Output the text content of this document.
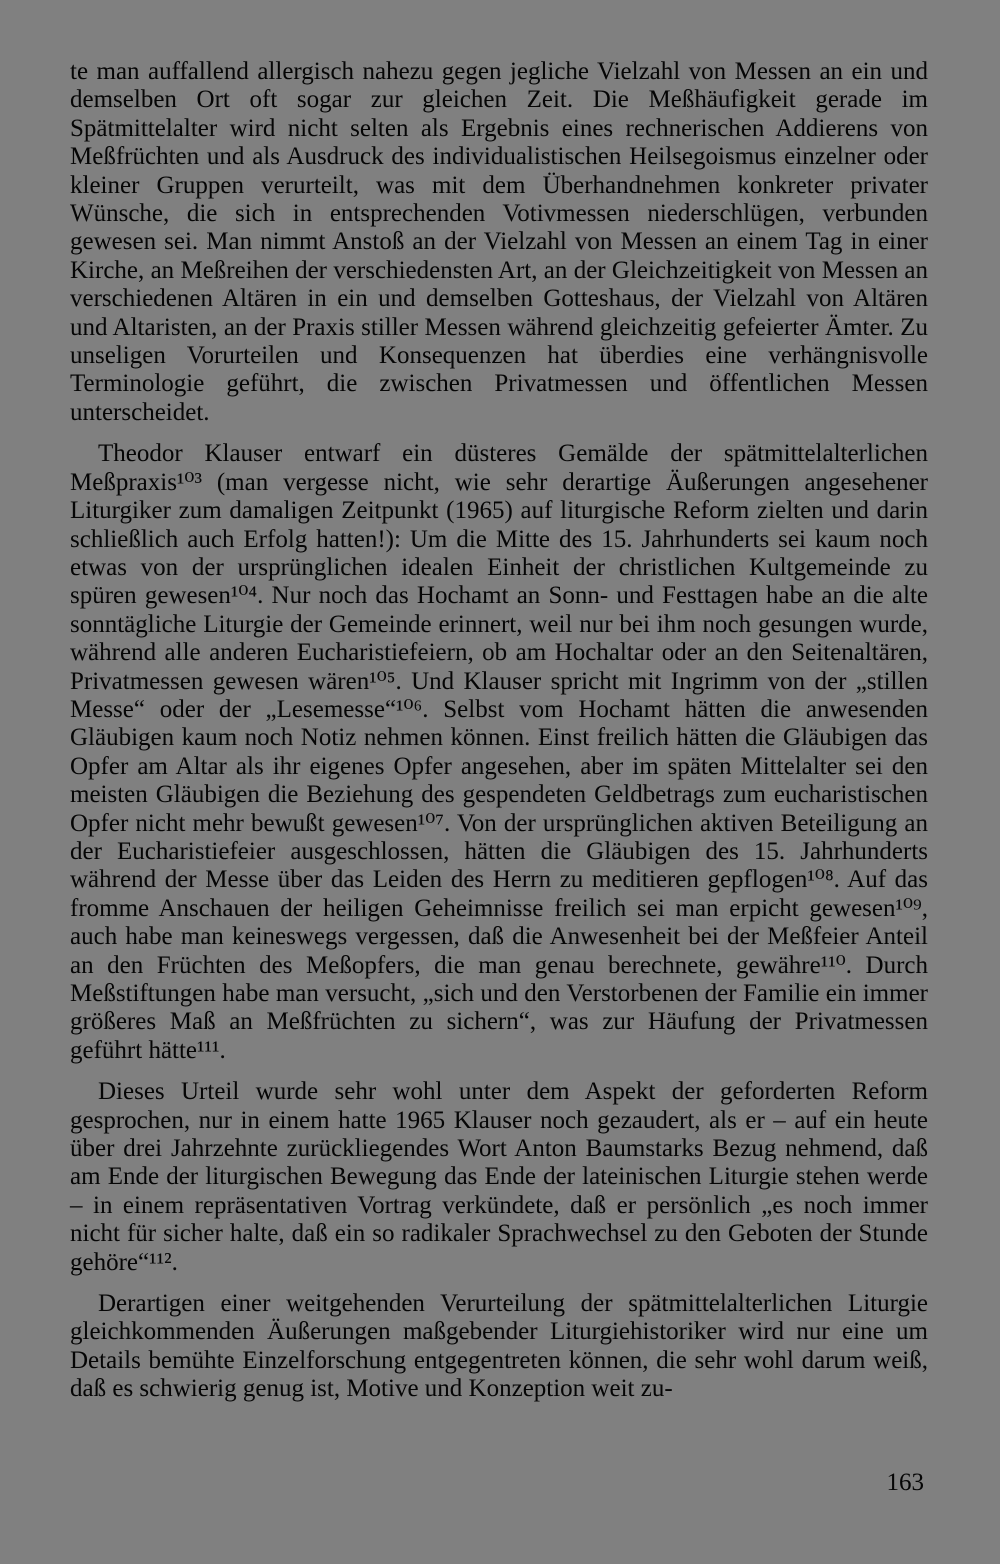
te man auffallend allergisch nahezu gegen jegliche Vielzahl von Messen an ein und demselben Ort oft sogar zur gleichen Zeit. Die Meßhäufigkeit gerade im Spätmittelalter wird nicht selten als Ergebnis eines rechnerischen Addierens von Meßfrüchten und als Ausdruck des individualistischen Heilsegoismus einzelner oder kleiner Gruppen verurteilt, was mit dem Überhandnehmen konkreter privater Wünsche, die sich in entsprechenden Votivmessen niederschlügen, verbunden gewesen sei. Man nimmt Anstoß an der Vielzahl von Messen an einem Tag in einer Kirche, an Meßreihen der verschiedensten Art, an der Gleichzeitigkeit von Messen an verschiedenen Altären in ein und demselben Gotteshaus, der Vielzahl von Altären und Altaristen, an der Praxis stiller Messen während gleichzeitig gefeierter Ämter. Zu unseligen Vorurteilen und Konsequenzen hat überdies eine verhängnisvolle Terminologie geführt, die zwischen Privatmessen und öffentlichen Messen unterscheidet.

Theodor Klauser entwarf ein düsteres Gemälde der spätmittelalterlichen Meßpraxis¹⁰³ (man vergesse nicht, wie sehr derartige Äußerungen angesehener Liturgiker zum damaligen Zeitpunkt (1965) auf liturgische Reform zielten und darin schließlich auch Erfolg hatten!): Um die Mitte des 15. Jahrhunderts sei kaum noch etwas von der ursprünglichen idealen Einheit der christlichen Kultgemeinde zu spüren gewesen¹⁰⁴. Nur noch das Hochamt an Sonn- und Festtagen habe an die alte sonntägliche Liturgie der Gemeinde erinnert, weil nur bei ihm noch gesungen wurde, während alle anderen Eucharistiefeiern, ob am Hochaltar oder an den Seitenaltären, Privatmessen gewesen wären¹⁰⁵. Und Klauser spricht mit Ingrimm von der „stillen Messe“ oder der „Lesemesse“¹⁰⁶. Selbst vom Hochamt hätten die anwesenden Gläubigen kaum noch Notiz nehmen können. Einst freilich hätten die Gläubigen das Opfer am Altar als ihr eigenes Opfer angesehen, aber im späten Mittelalter sei den meisten Gläubigen die Beziehung des gespendeten Geldbetrags zum eucharistischen Opfer nicht mehr bewußt gewesen¹⁰⁷. Von der ursprünglichen aktiven Beteiligung an der Eucharistiefeier ausgeschlossen, hätten die Gläubigen des 15. Jahrhunderts während der Messe über das Leiden des Herrn zu meditieren gepflogen¹⁰⁸. Auf das fromme Anschauen der heiligen Geheimnisse freilich sei man erpicht gewesen¹⁰⁹, auch habe man keineswegs vergessen, daß die Anwesenheit bei der Meßfeier Anteil an den Früchten des Meßopfers, die man genau berechnete, gewähre¹¹⁰. Durch Meßstiftungen habe man versucht, „sich und den Verstorbenen der Familie ein immer größeres Maß an Meßfrüchten zu sichern“, was zur Häufung der Privatmessen geführt hätte¹¹¹.

Dieses Urteil wurde sehr wohl unter dem Aspekt der geforderten Reform gesprochen, nur in einem hatte 1965 Klauser noch gezaudert, als er – auf ein heute über drei Jahrzehnte zurückliegendes Wort Anton Baumstarks Bezug nehmend, daß am Ende der liturgischen Bewegung das Ende der lateinischen Liturgie stehen werde – in einem repräsentativen Vortrag verkündete, daß er persönlich „es noch immer nicht für sicher halte, daß ein so radikaler Sprachwechsel zu den Geboten der Stunde gehöre“¹¹².

Derartigen einer weitgehenden Verurteilung der spätmittelalterlichen Liturgie gleichkommenden Äußerungen maßgebender Liturgiehistoriker wird nur eine um Details bemühte Einzelforschung entgegentreten können, die sehr wohl darum weiß, daß es schwierig genug ist, Motive und Konzeption weit zu-

163
